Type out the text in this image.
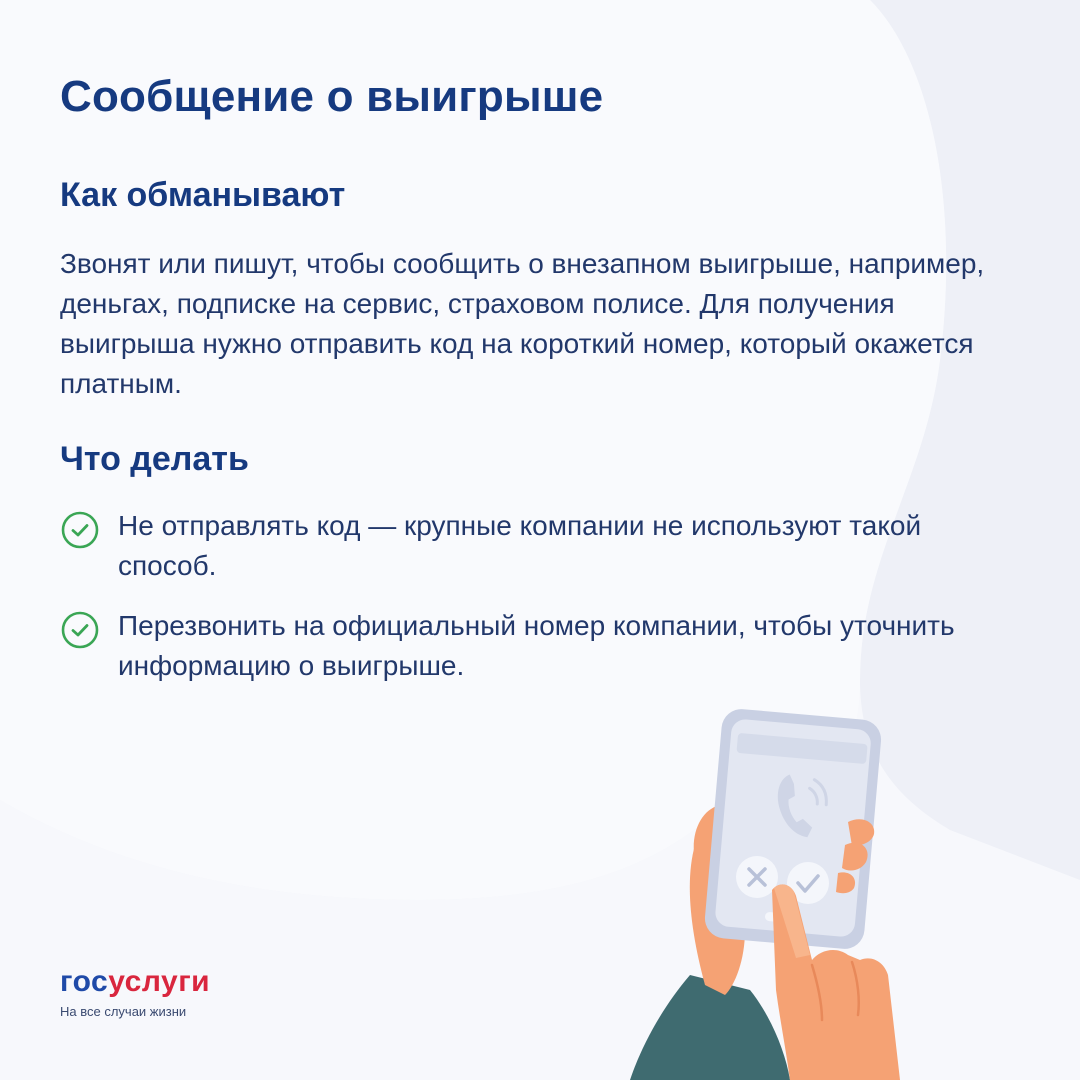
Сообщение о выигрыше
Как обманывают
Звонят или пишут, чтобы сообщить о внезапном выигрыше, например, деньгах, подписке на сервис, страховом полисе. Для получения выигрыша нужно отправить код на короткий номер, который окажется платным.
Что делать
Не отправлять код — крупные компании не используют такой способ.
Перезвонить на официальный номер компании, чтобы уточнить информацию о выигрыше.
госуслуги
На все случаи жизни
